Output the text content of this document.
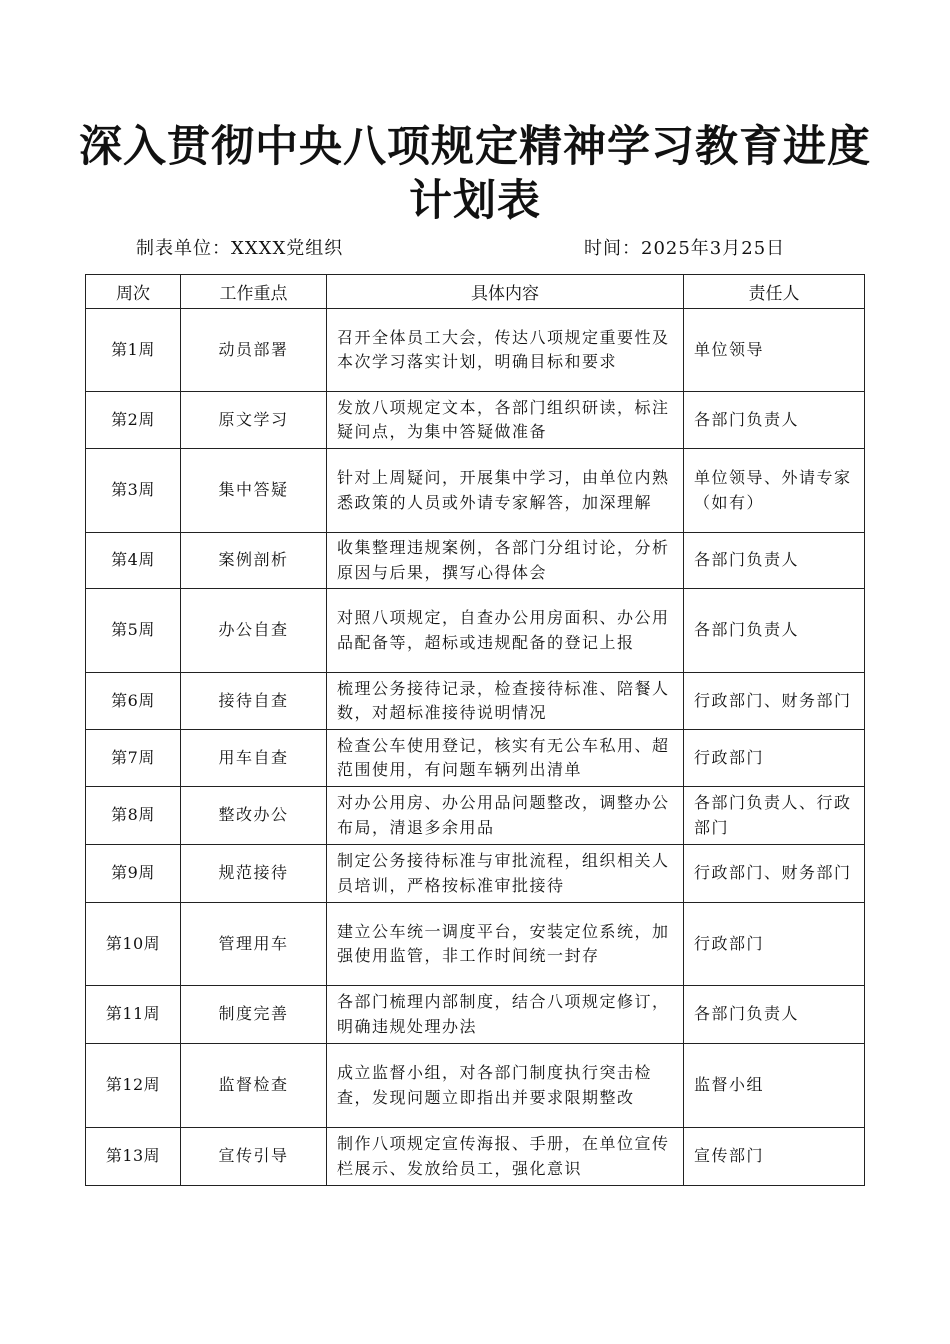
深入贯彻中央八项规定精神学习教育进度
计划表
制表单位：XXXX党组织	时间：2025年3月25日
周次	工作重点	具体内容	责任人
第1周	动员部署	召开全体员工大会，传达八项规定重要性及本次学习落实计划，明确目标和要求	单位领导
第2周	原文学习	发放八项规定文本，各部门组织研读，标注疑问点，为集中答疑做准备	各部门负责人
第3周	集中答疑	针对上周疑问，开展集中学习，由单位内熟悉政策的人员或外请专家解答，加深理解	单位领导、外请专家（如有）
第4周	案例剖析	收集整理违规案例，各部门分组讨论，分析原因与后果，撰写心得体会	各部门负责人
第5周	办公自查	对照八项规定，自查办公用房面积、办公用品配备等，超标或违规配备的登记上报	各部门负责人
第6周	接待自查	梳理公务接待记录，检查接待标准、陪餐人数，对超标准接待说明情况	行政部门、财务部门
第7周	用车自查	检查公车使用登记，核实有无公车私用、超范围使用，有问题车辆列出清单	行政部门
第8周	整改办公	对办公用房、办公用品问题整改，调整办公布局，清退多余用品	各部门负责人、行政部门
第9周	规范接待	制定公务接待标准与审批流程，组织相关人员培训，严格按标准审批接待	行政部门、财务部门
第10周	管理用车	建立公车统一调度平台，安装定位系统，加强使用监管，非工作时间统一封存	行政部门
第11周	制度完善	各部门梳理内部制度，结合八项规定修订，明确违规处理办法	各部门负责人
第12周	监督检查	成立监督小组，对各部门制度执行突击检查，发现问题立即指出并要求限期整改	监督小组
第13周	宣传引导	制作八项规定宣传海报、手册，在单位宣传栏展示、发放给员工，强化意识	宣传部门
